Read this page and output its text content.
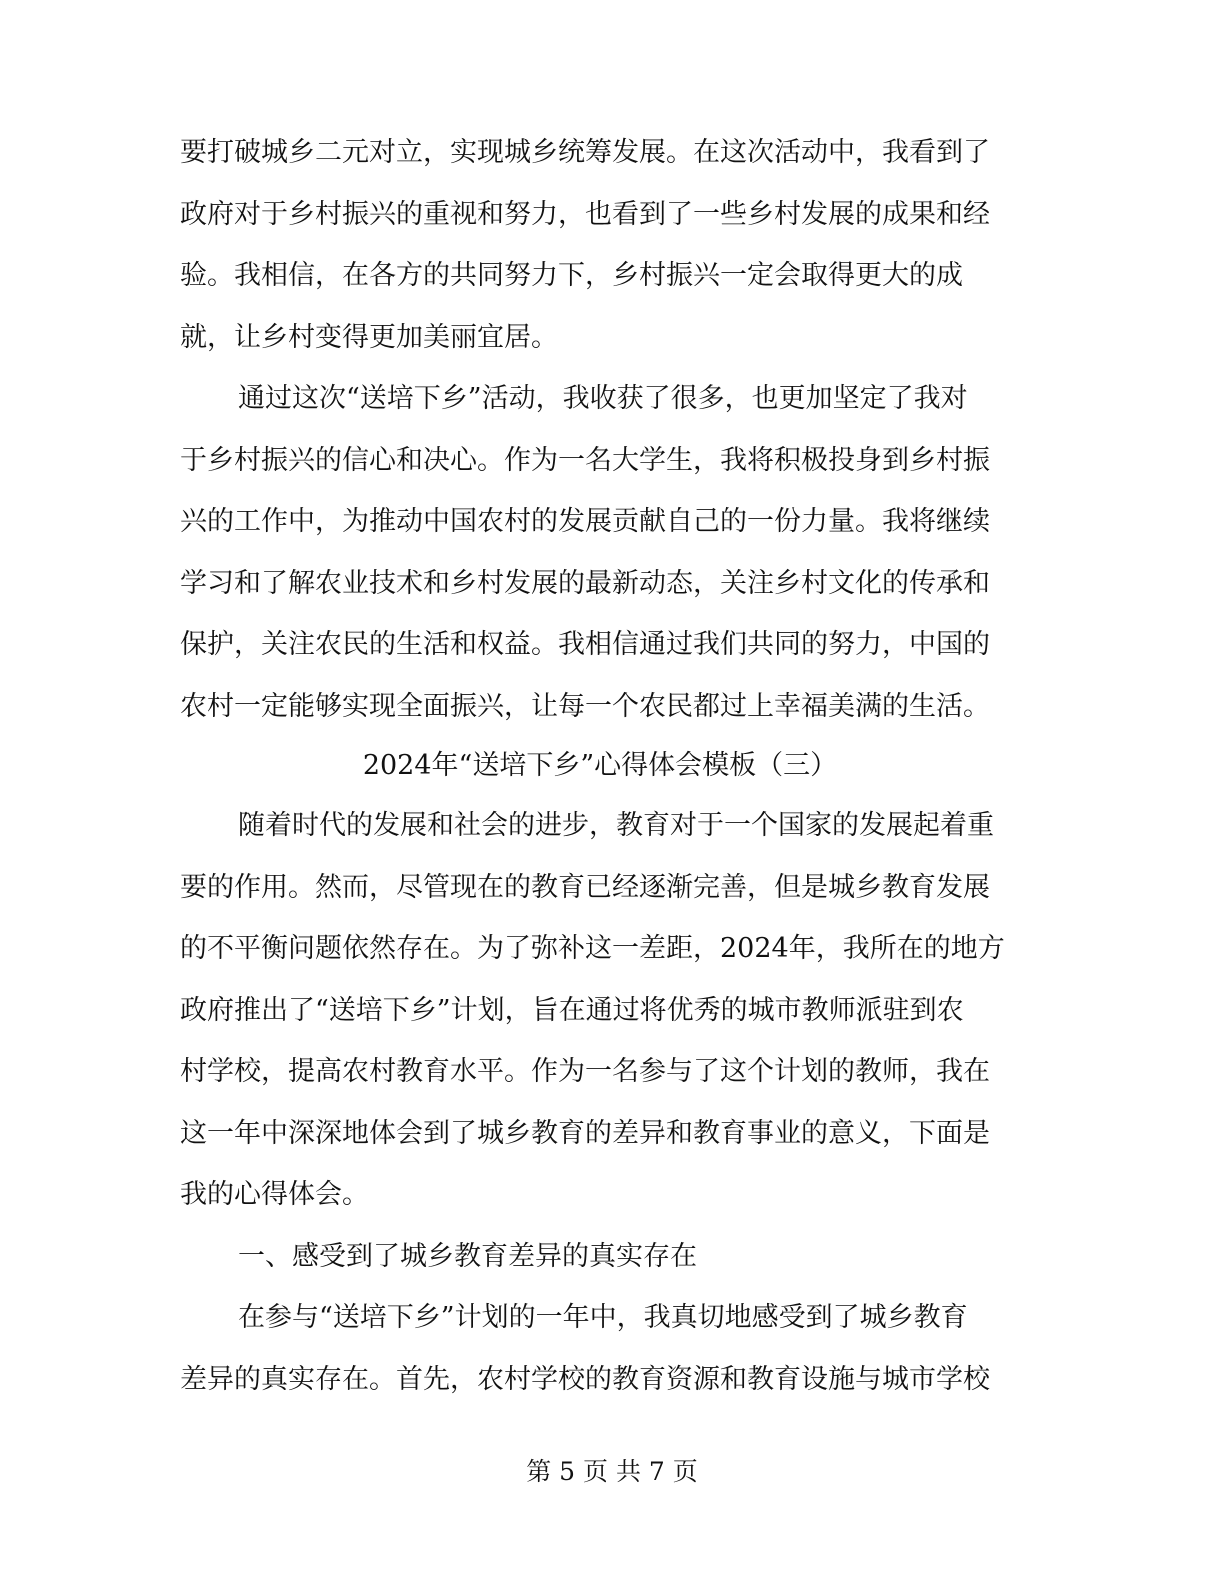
要打破城乡二元对立，实现城乡统筹发展。在这次活动中，我看到了
政府对于乡村振兴的重视和努力，也看到了一些乡村发展的成果和经
验。我相信，在各方的共同努力下，乡村振兴一定会取得更大的成
就，让乡村变得更加美丽宜居。
通过这次“送培下乡”活动，我收获了很多，也更加坚定了我对
于乡村振兴的信心和决心。作为一名大学生，我将积极投身到乡村振
兴的工作中，为推动中国农村的发展贡献自己的一份力量。我将继续
学习和了解农业技术和乡村发展的最新动态，关注乡村文化的传承和
保护，关注农民的生活和权益。我相信通过我们共同的努力，中国的
农村一定能够实现全面振兴，让每一个农民都过上幸福美满的生活。
2024年“送培下乡”心得体会模板（三）
随着时代的发展和社会的进步，教育对于一个国家的发展起着重
要的作用。然而，尽管现在的教育已经逐渐完善，但是城乡教育发展
的不平衡问题依然存在。为了弥补这一差距，2024年，我所在的地方
政府推出了“送培下乡”计划，旨在通过将优秀的城市教师派驻到农
村学校，提高农村教育水平。作为一名参与了这个计划的教师，我在
这一年中深深地体会到了城乡教育的差异和教育事业的意义，下面是
我的心得体会。
一、感受到了城乡教育差异的真实存在
在参与“送培下乡”计划的一年中，我真切地感受到了城乡教育
差异的真实存在。首先，农村学校的教育资源和教育设施与城市学校
第 5 页 共 7 页
